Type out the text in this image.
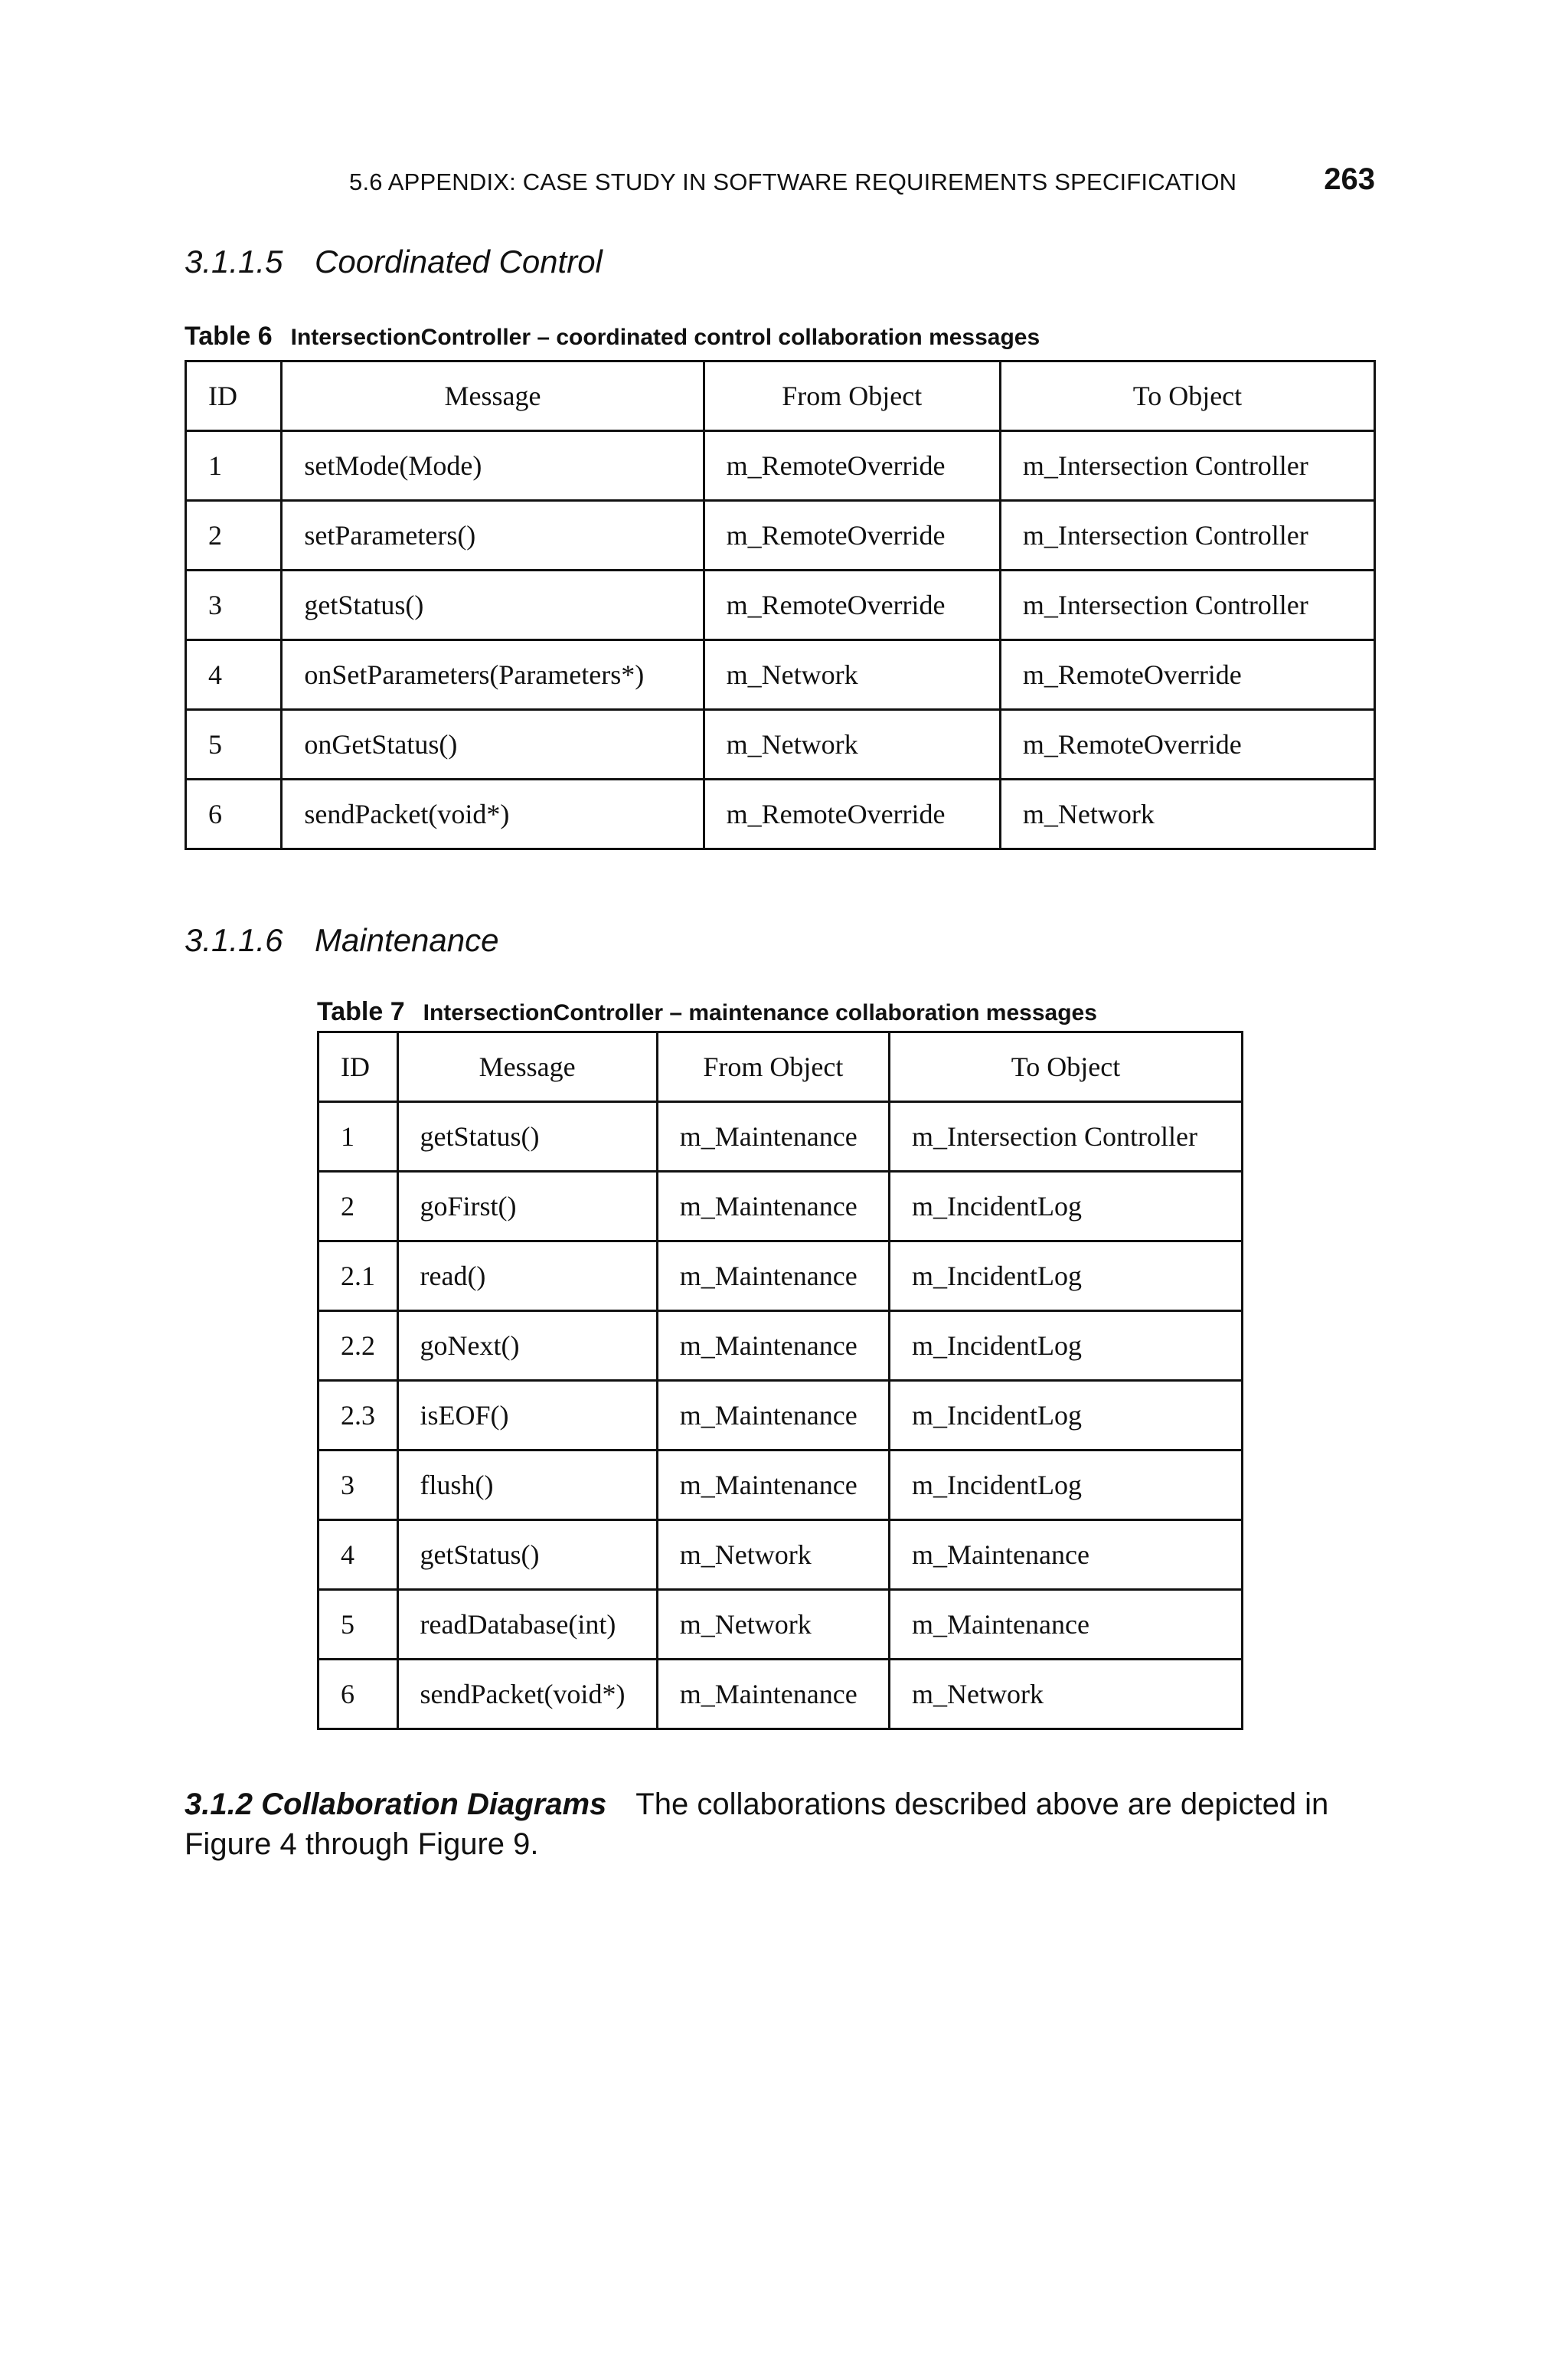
5.6 APPENDIX: CASE STUDY IN SOFTWARE REQUIREMENTS SPECIFICATION	263
3.1.1.5 Coordinated Control
Table 6 IntersectionController – coordinated control collaboration messages
ID	Message	From Object	To Object
1	setMode(Mode)	m_RemoteOverride	m_Intersection Controller
2	setParameters()	m_RemoteOverride	m_Intersection Controller
3	getStatus()	m_RemoteOverride	m_Intersection Controller
4	onSetParameters(Parameters*)	m_Network	m_RemoteOverride
5	onGetStatus()	m_Network	m_RemoteOverride
6	sendPacket(void*)	m_RemoteOverride	m_Network
3.1.1.6 Maintenance
Table 7 IntersectionController – maintenance collaboration messages
ID	Message	From Object	To Object
1	getStatus()	m_Maintenance	m_Intersection Controller
2	goFirst()	m_Maintenance	m_IncidentLog
2.1	read()	m_Maintenance	m_IncidentLog
2.2	goNext()	m_Maintenance	m_IncidentLog
2.3	isEOF()	m_Maintenance	m_IncidentLog
3	flush()	m_Maintenance	m_IncidentLog
4	getStatus()	m_Network	m_Maintenance
5	readDatabase(int)	m_Network	m_Maintenance
6	sendPacket(void*)	m_Maintenance	m_Network
3.1.2 Collaboration Diagrams The collaborations described above are depicted in Figure 4 through Figure 9.
